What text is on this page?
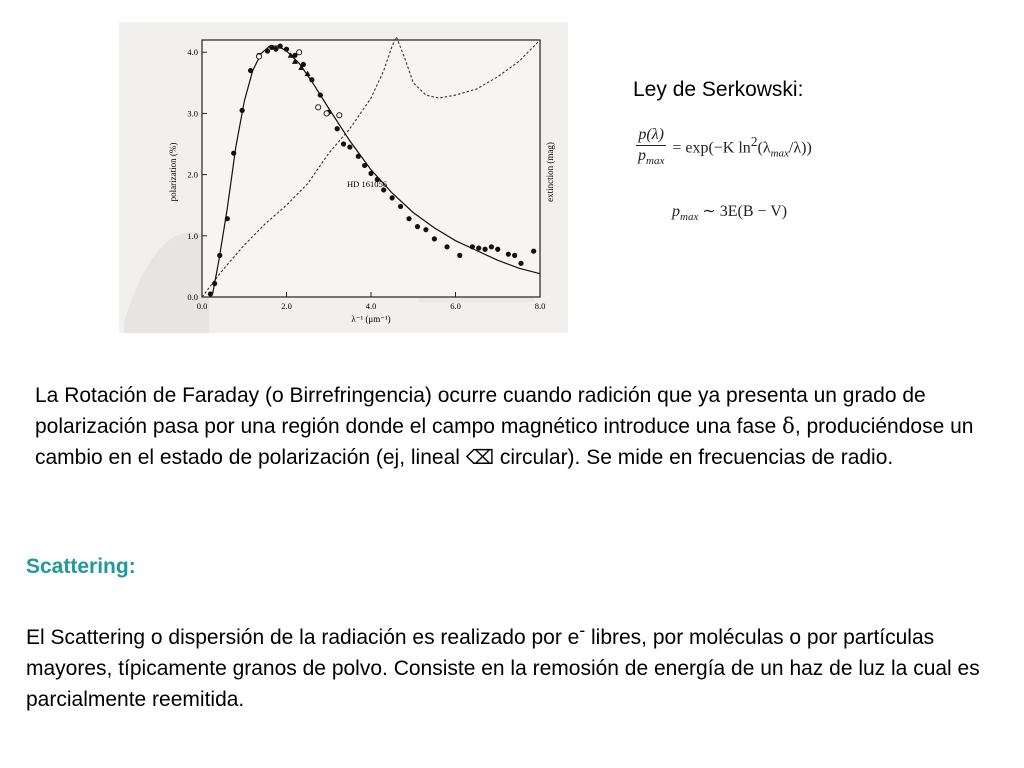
0.0	2.0	4.0	6.0	8.0
0.0
1.0
2.0
3.0
4.0
HD 161056
λ⁻¹ (μm⁻¹)
polarization (%)	extinction (mag)

Ley de Serkowski:

$\frac{p(\lambda)}{p_{max}} = \exp(-K$ $\ln^2(\lambda_{max}/\lambda)$)
$p_{max}$ ∼ 3E(B − V)

La Rotación de Faraday (o Birrefringencia) ocurre cuando radición que ya presenta un grado de polarización pasa por una región donde el campo magnético introduce una fase δ, produciéndose un cambio en el estado de polarización (ej, lineal ⌫ circular). Se mide en frecuencias de radio.

Scattering:

El Scattering o dispersión de la radiación es realizado por e- libres, por moléculas o por partículas mayores, típicamente granos de polvo. Consiste en la remosión de energía de un haz de luz la cual es parcialmente reemitida.
